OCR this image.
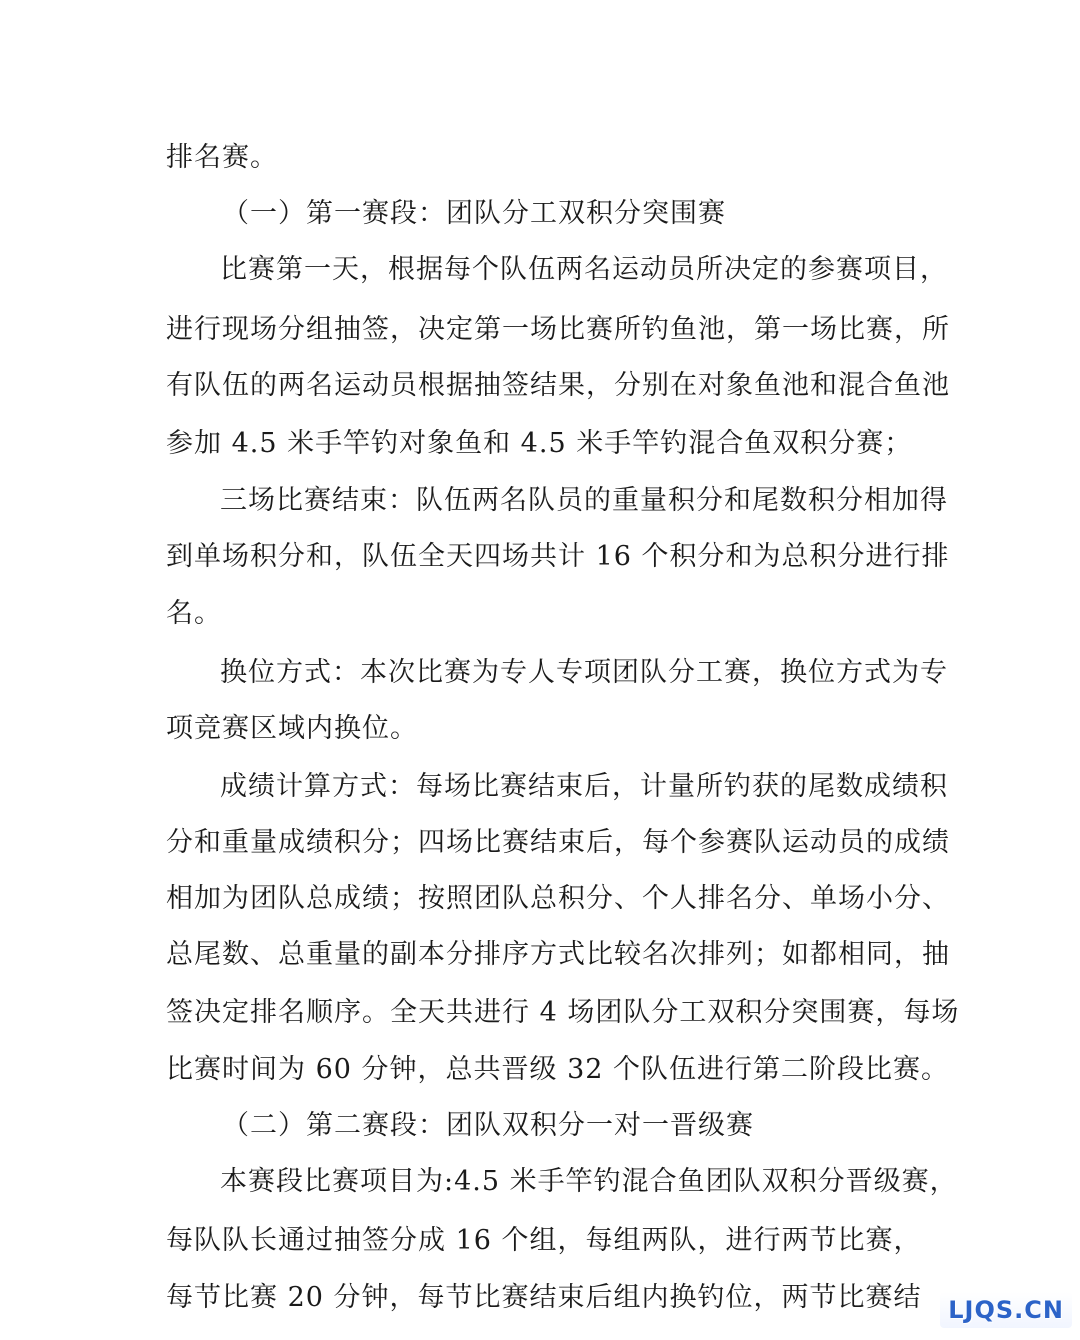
排名赛。
（一）第一赛段：团队分工双积分突围赛
比赛第一天，根据每个队伍两名运动员所决定的参赛项目，
进行现场分组抽签，决定第一场比赛所钓鱼池，第一场比赛，所
有队伍的两名运动员根据抽签结果，分别在对象鱼池和混合鱼池
参加 4.5 米手竿钓对象鱼和 4.5 米手竿钓混合鱼双积分赛；
三场比赛结束：队伍两名队员的重量积分和尾数积分相加得
到单场积分和，队伍全天四场共计 16 个积分和为总积分进行排
名。
换位方式：本次比赛为专人专项团队分工赛，换位方式为专
项竞赛区域内换位。
成绩计算方式：每场比赛结束后，计量所钓获的尾数成绩积
分和重量成绩积分；四场比赛结束后，每个参赛队运动员的成绩
相加为团队总成绩；按照团队总积分、个人排名分、单场小分、
总尾数、总重量的副本分排序方式比较名次排列；如都相同，抽
签决定排名顺序。全天共进行 4 场团队分工双积分突围赛，每场
比赛时间为 60 分钟，总共晋级 32 个队伍进行第二阶段比赛。
（二）第二赛段：团队双积分一对一晋级赛
本赛段比赛项目为:4.5 米手竿钓混合鱼团队双积分晋级赛，
每队队长通过抽签分成 16 个组，每组两队，进行两节比赛，
每节比赛 20 分钟，每节比赛结束后组内换钓位，两节比赛结	LJQS.CN
